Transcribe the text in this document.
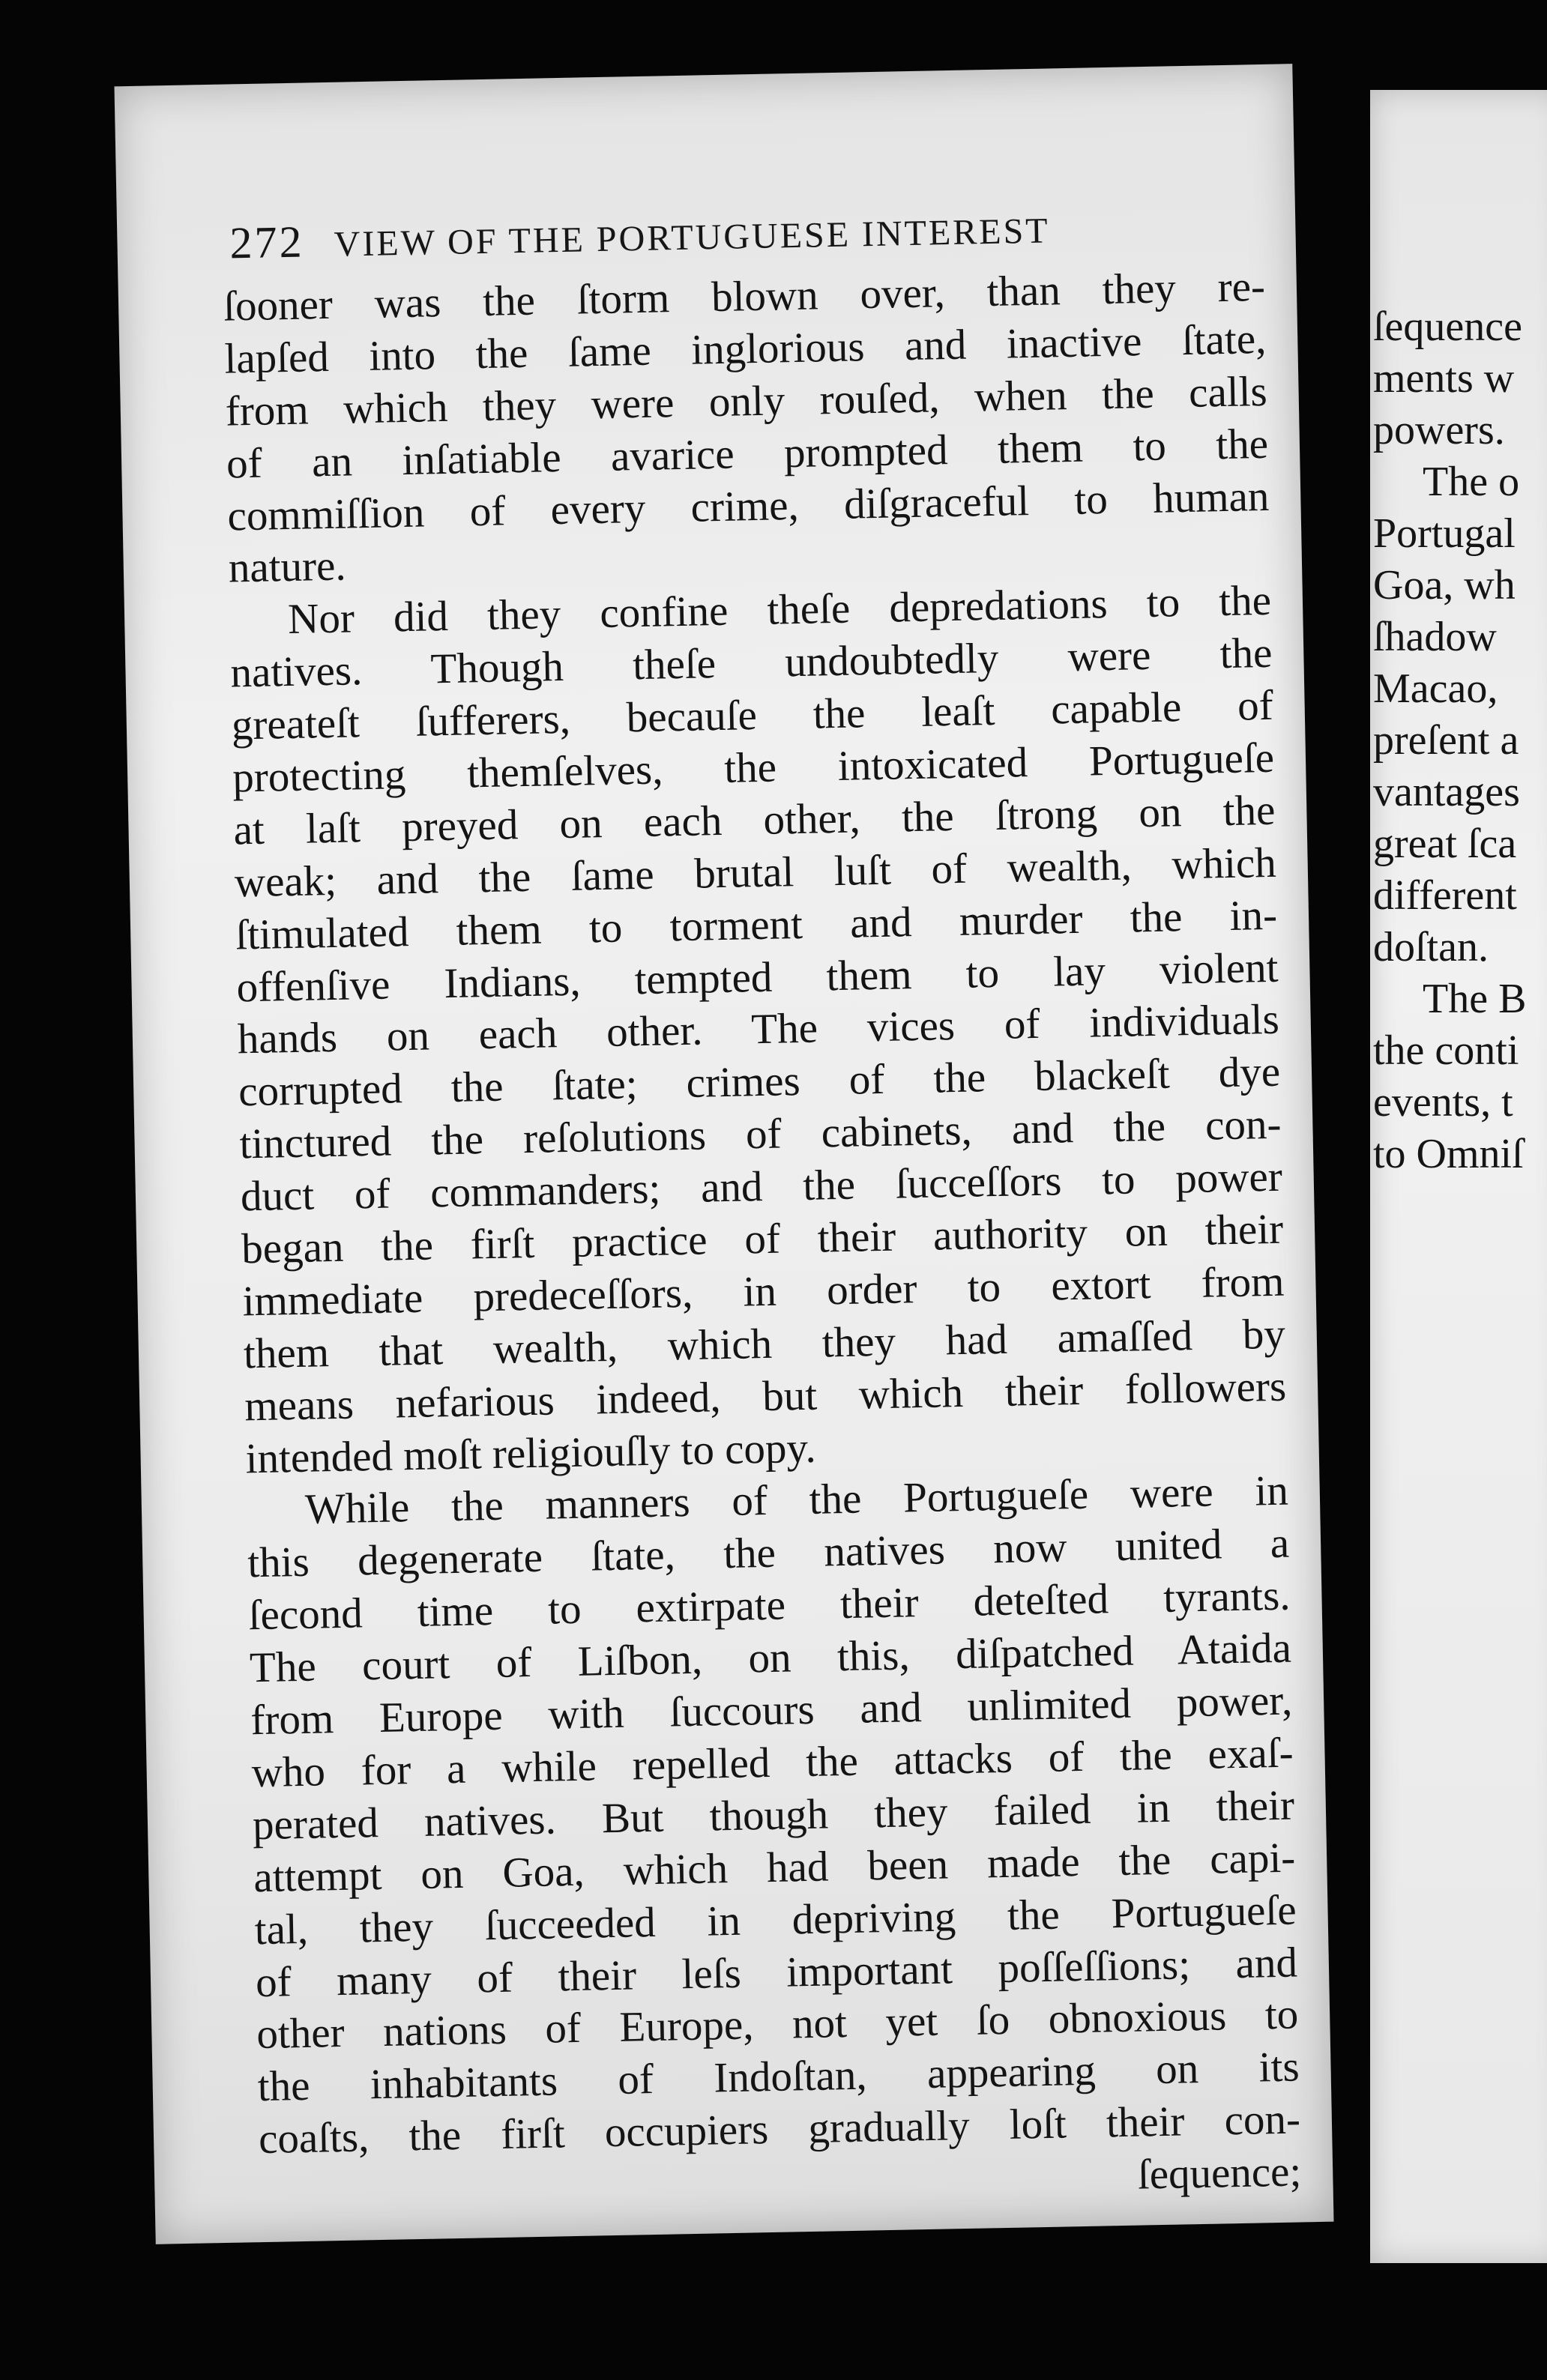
272 VIEW OF THE PORTUGUESE INTEREST
ſooner was the ſtorm blown over, than they re-
lapſed into the ſame inglorious and inactive ſtate,
from which they were only rouſed, when the calls
of an inſatiable avarice prompted them to the
commiſſion of every crime, diſgraceful to human
nature.
Nor did they confine theſe depredations to the
natives. Though theſe undoubtedly were the
greateſt ſufferers, becauſe the leaſt capable of
protecting themſelves, the intoxicated Portugueſe
at laſt preyed on each other, the ſtrong on the
weak; and the ſame brutal luſt of wealth, which
ſtimulated them to torment and murder the in-
offenſive Indians, tempted them to lay violent
hands on each other. The vices of individuals
corrupted the ſtate; crimes of the blackeſt dye
tinctured the reſolutions of cabinets, and the con-
duct of commanders; and the ſucceſſors to power
began the firſt practice of their authority on their
immediate predeceſſors, in order to extort from
them that wealth, which they had amaſſed by
means nefarious indeed, but which their followers
intended moſt religiouſly to copy.
While the manners of the Portugueſe were in
this degenerate ſtate, the natives now united a
ſecond time to extirpate their deteſted tyrants.
The court of Liſbon, on this, diſpatched Ataida
from Europe with ſuccours and unlimited power,
who for a while repelled the attacks of the exaſ-
perated natives. But though they failed in their
attempt on Goa, which had been made the capi-
tal, they ſucceeded in depriving the Portugueſe
of many of their leſs important poſſeſſions; and
other nations of Europe, not yet ſo obnoxious to
the inhabitants of Indoſtan, appearing on its
coaſts, the firſt occupiers gradually loſt their con-
ſequence;
ſequence
ments w
powers.
The o
Portugal
Goa, wh
ſhadow
Macao,
preſent a
vantages
great ſca
different
doſtan.
The B
the conti
events, t
to Omniſ
